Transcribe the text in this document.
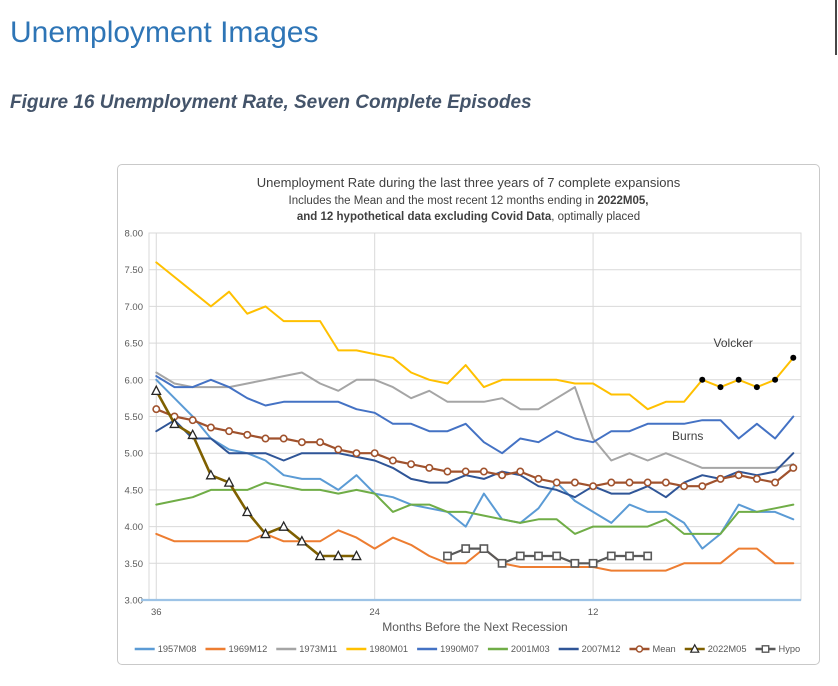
Unemployment Images

Figure 16 Unemployment Rate, Seven Complete Episodes

8.00
7.50
7.00
6.50
6.00
5.50
5.00
4.50
4.00
3.50
3.00
36	24	12
Months Before the Next Recession
Volcker
Burns
1957M08	1969M12	1973M11	1980M01	1990M07	2001M03	2007M12	Mean	2022M05	Hypo
Unemployment Rate during the last three years of 7 complete expansions
Includes the Mean and the most recent 12 months ending in 2022M05,
and 12 hypothetical data excluding Covid Data, optimally placed
